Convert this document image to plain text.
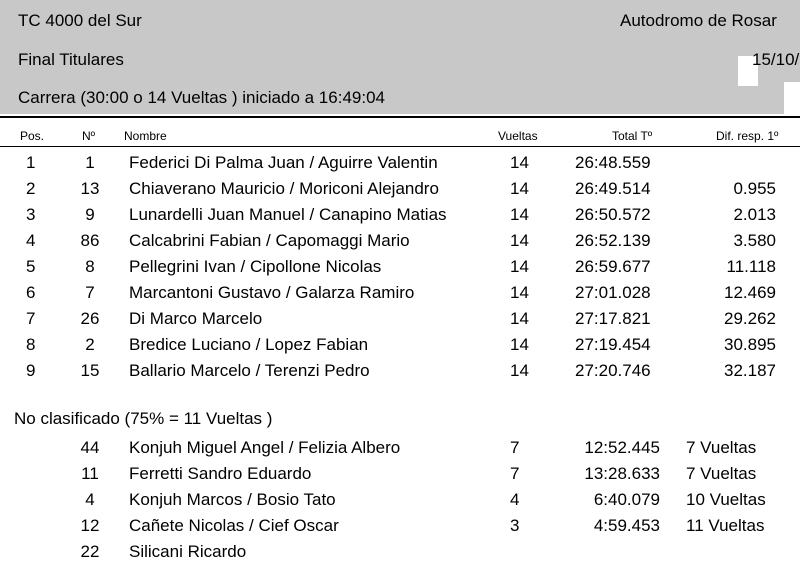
TC 4000 del Sur	Autodromo de Rosar
Final Titulares	15/10/
Carrera (30:00 o 14 Vueltas ) iniciado a 16:49:04
Pos.	Nº Nombre	Vueltas	Total Tº	Dif. resp. 1º
1	1	Federici Di Palma Juan / Aguirre Valentin	14	26:48.559
2	13	Chiaverano Mauricio / Moriconi Alejandro	14	26:49.514	0.955
3	9	Lunardelli Juan Manuel / Canapino Matias	14	26:50.572	2.013
4	86	Calcabrini Fabian / Capomaggi Mario	14	26:52.139	3.580
5	8	Pellegrini Ivan / Cipollone Nicolas	14	26:59.677	11.118
6	7	Marcantoni Gustavo / Galarza Ramiro	14	27:01.028	12.469
7	26	Di Marco Marcelo	14	27:17.821	29.262
8	2	Bredice Luciano / Lopez Fabian	14	27:19.454	30.895
9	15	Ballario Marcelo / Terenzi Pedro	14	27:20.746	32.187
No clasificado (75% = 11 Vueltas )
44	Konjuh Miguel Angel / Felizia Albero	7	12:52.445 7 Vueltas
11	Ferretti Sandro Eduardo	7	13:28.633 7 Vueltas
4	Konjuh Marcos / Bosio Tato	4	6:40.079 10 Vueltas
12	Cañete Nicolas / Cief Oscar	3	4:59.453 11 Vueltas
22	Silicani Ricardo
